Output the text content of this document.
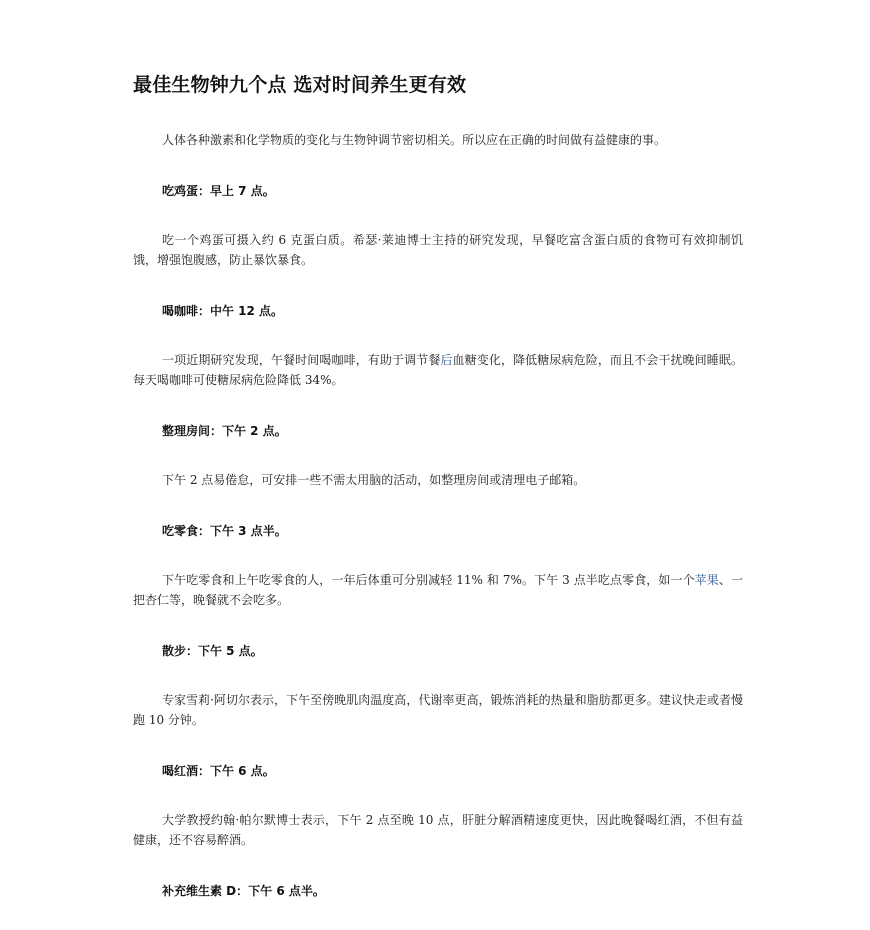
最佳生物钟九个点 选对时间养生更有效

人体各种激素和化学物质的变化与生物钟调节密切相关。所以应在正确的时间做有益健康的事。

吃鸡蛋：早上 7 点。

吃一个鸡蛋可摄入约 6 克蛋白质。希瑟·莱迪博士主持的研究发现，早餐吃富含蛋白质的食物可有效抑制饥饿，增强饱腹感，防止暴饮暴食。

喝咖啡：中午 12 点。

一项近期研究发现，午餐时间喝咖啡，有助于调节餐后血糖变化，降低糖尿病危险，而且不会干扰晚间睡眠。每天喝咖啡可使糖尿病危险降低 34%。

整理房间：下午 2 点。

下午 2 点易倦怠，可安排一些不需太用脑的活动，如整理房间或清理电子邮箱。

吃零食：下午 3 点半。

下午吃零食和上午吃零食的人，一年后体重可分别减轻 11% 和 7%。下午 3 点半吃点零食，如一个苹果、一把杏仁等，晚餐就不会吃多。

散步：下午 5 点。

专家雪莉·阿切尔表示，下午至傍晚肌肉温度高，代谢率更高，锻炼消耗的热量和脂肪都更多。建议快走或者慢跑 10 分钟。

喝红酒：下午 6 点。

大学教授约翰·帕尔默博士表示，下午 2 点至晚 10 点，肝脏分解酒精速度更快，因此晚餐喝红酒，不但有益健康，还不容易醉酒。

补充维生素 D：下午 6 点半。
